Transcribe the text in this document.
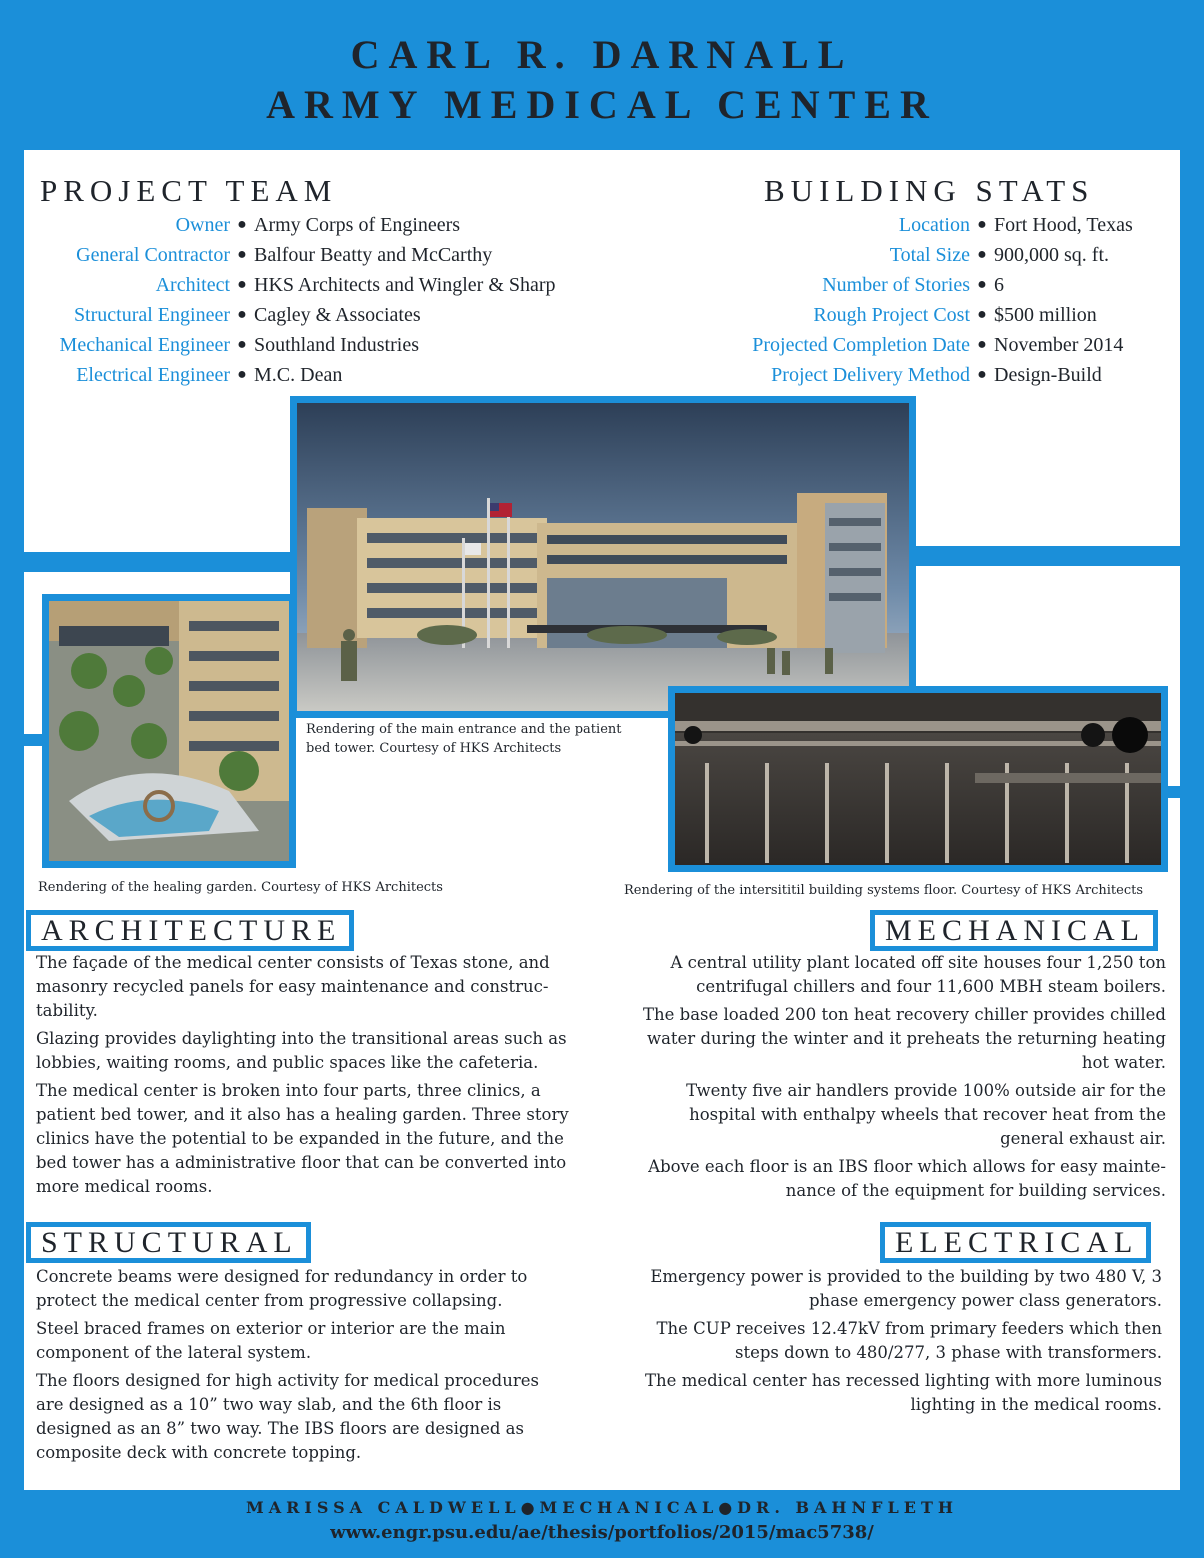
CARL R. DARNALL
ARMY MEDICAL CENTER
PROJECT TEAM
Owner ● Army Corps of Engineers
General Contractor ● Balfour Beatty and McCarthy
Architect ● HKS Architects and Wingler & Sharp
Structural Engineer ● Cagley & Associates
Mechanical Engineer ● Southland Industries
Electrical Engineer ● M.C. Dean
BUILDING STATS
Location ● Fort Hood, Texas
Total Size ● 900,000 sq. ft.
Number of Stories ● 6
Rough Project Cost ● $500 million
Projected Completion Date ● November 2014
Project Delivery Method ● Design-Build
Rendering of the main entrance and the patient bed tower. Courtesy of HKS Architects
Rendering of the healing garden. Courtesy of HKS Architects	Rendering of the intersititil building systems floor. Courtesy of HKS Architects
ARCHITECTURE

The façade of the medical center consists of Texas stone, and masonry recycled panels for easy maintenance and construc-tability.

Glazing provides daylighting into the transitional areas such as lobbies, waiting rooms, and public spaces like the cafeteria.

The medical center is broken into four parts, three clinics, a patient bed tower, and it also has a healing garden. Three story clinics have the potential to be expanded in the future, and the bed tower has a administrative floor that can be converted into more medical rooms.

MECHANICAL

A central utility plant located off site houses four 1,250 ton centrifugal chillers and four 11,600 MBH steam boilers.

The base loaded 200 ton heat recovery chiller provides chilled water during the winter and it preheats the returning heating hot water.

Twenty five air handlers provide 100% outside air for the hospital with enthalpy wheels that recover heat from the general exhaust air.

Above each floor is an IBS floor which allows for easy mainte-nance of the equipment for building services.

STRUCTURAL

Concrete beams were designed for redundancy in order to protect the medical center from progressive collapsing.

Steel braced frames on exterior or interior are the main component of the lateral system.

The floors designed for high activity for medical procedures are designed as a 10” two way slab, and the 6th floor is designed as an 8” two way. The IBS floors are designed as composite deck with concrete topping.

ELECTRICAL

Emergency power is provided to the building by two 480 V, 3 phase emergency power class generators.

The CUP receives 12.47kV from primary feeders which then steps down to 480/277, 3 phase with transformers.

The medical center has recessed lighting with more luminous lighting in the medical rooms.

MARISSA CALDWELL●MECHANICAL●DR. BAHNFLETH
www.engr.psu.edu/ae/thesis/portfolios/2015/mac5738/
